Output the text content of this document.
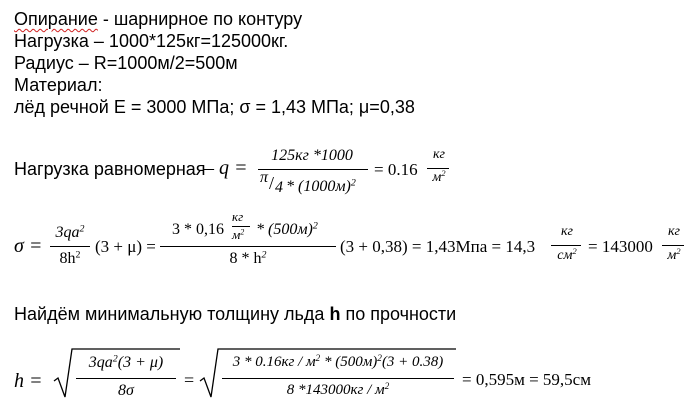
Опирание - шарнирное по контуру
Нагрузка – 1000*125кг=125000кг.
Радиус – R=1000м/2=500м
Материал:
лёд речной E = 3000 МПа; σ = 1,43 МПа; μ=0,38
Нагрузка равномерная
– q =
125кг *1000
π / $4 * (1000м)^2$
= 0.16
кг
$м^2$
σ =
$3qa^2$
$8h^2$ (3 + μ) =
3 * 0,16
кг
$м^2 * (500м)^2$
$8 * h^2$	(3 + 0,38) = 1,43Мпа = 14,3
кг
$см^2 = 143000$
кг
$м^2$
Найдём минимальную толщину льда h по прочности
h =
$3qa^2(3 + \mu)$
8σ
=
$3 * 0.16кг / м^2 * (500м)^2(3 + 0.38)$
8 $*143000кг / м^2$	= 0,595м = 59,5см
